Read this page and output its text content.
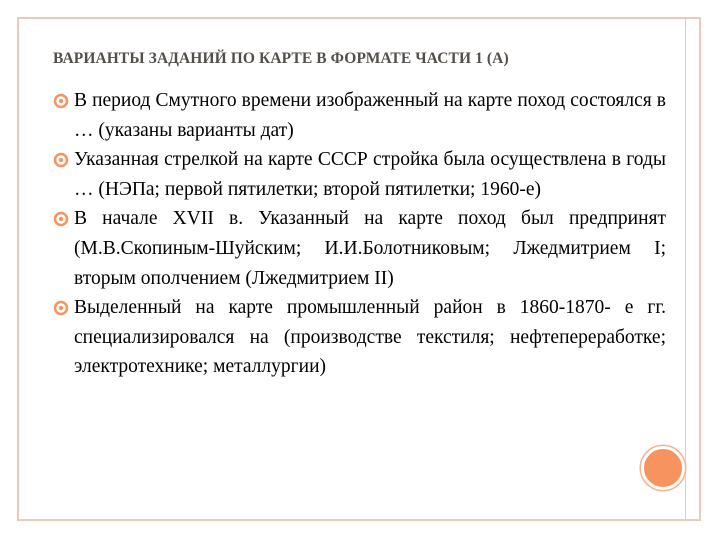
ВАРИАНТЫ ЗАДАНИЙ ПО КАРТЕ В ФОРМАТЕ ЧАСТИ 1 (А)
В период Смутного времени изображенный на карте поход состоялся в … (указаны варианты дат)
Указанная стрелкой на карте СССР стройка была осуществлена в годы … (НЭПа; первой пятилетки; второй пятилетки; 1960-е)
В начале XVII в. Указанный на карте поход был предпринят (М.В.Скопиным-Шуйским; И.И.Болотниковым; Лжедмитрием I; вторым ополчением (Лжедмитрием II)
Выделенный на карте промышленный район в 1860-1870- е гг. специализировался на (производстве текстиля; нефтепереработке; электротехнике; металлургии)
